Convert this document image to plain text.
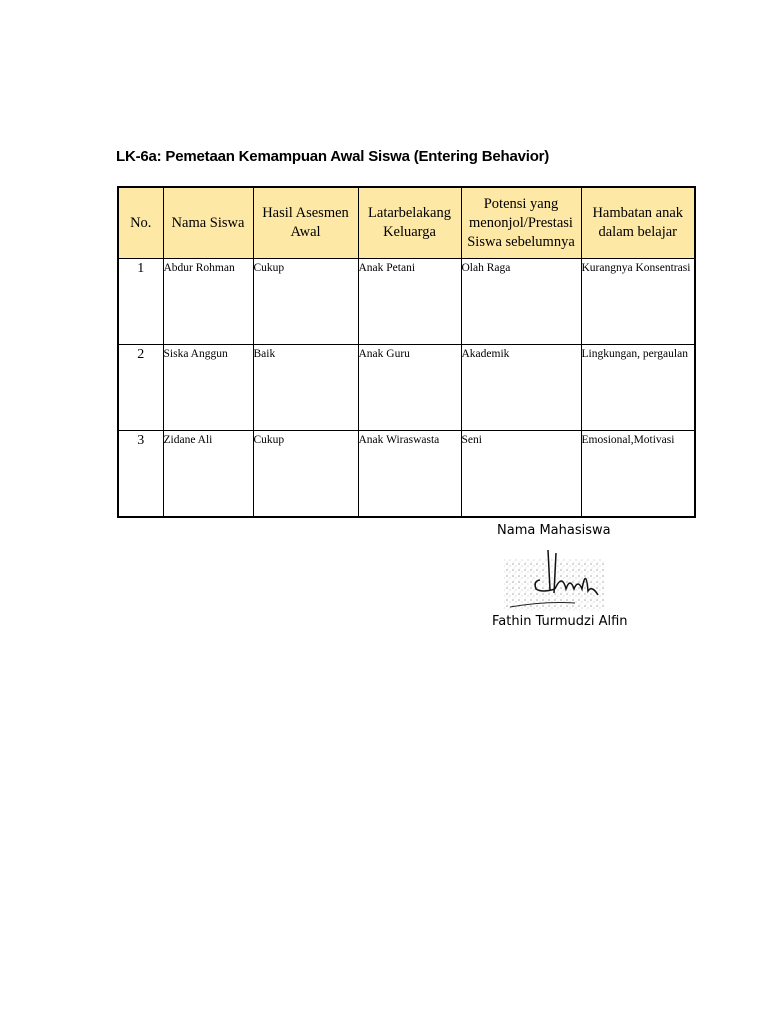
LK-6a: Pemetaan Kemampuan Awal Siswa (Entering Behavior)
No.	Nama Siswa	Hasil Asesmen Awal	Latarbelakang Keluarga	Potensi yang menonjol/Prestasi Siswa sebelumnya	Hambatan anak dalam belajar
1	Abdur Rohman	Cukup	Anak Petani	Olah Raga	Kurangnya Konsentrasi
2	Siska Anggun	Baik	Anak Guru	Akademik	Lingkungan, pergaulan
3	Zidane Ali	Cukup	Anak Wiraswasta	Seni	Emosional,Motivasi
Nama Mahasiswa
Fathin Turmudzi Alfin
